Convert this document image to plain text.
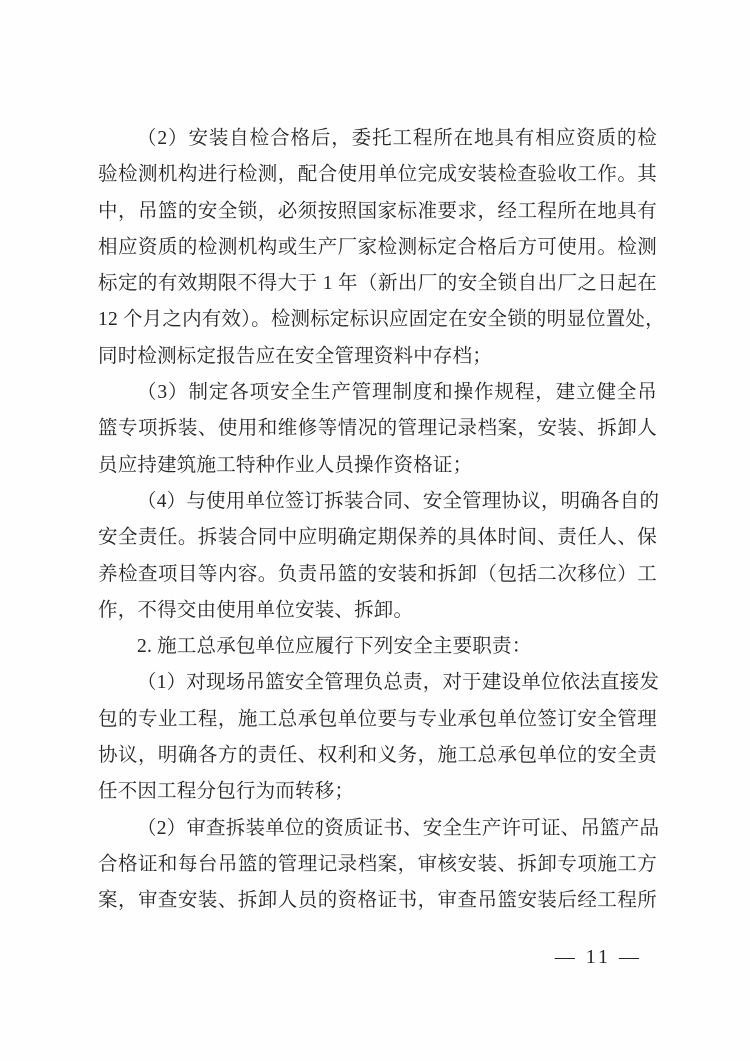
（2）安装自检合格后，委托工程所在地具有相应资质的检
验检测机构进行检测，配合使用单位完成安装检查验收工作。其
中，吊篮的安全锁，必须按照国家标准要求，经工程所在地具有
相应资质的检测机构或生产厂家检测标定合格后方可使用。检测
标定的有效期限不得大于 1 年（新出厂的安全锁自出厂之日起在
12 个月之内有效）。检测标定标识应固定在安全锁的明显位置处，
同时检测标定报告应在安全管理资料中存档；
（3）制定各项安全生产管理制度和操作规程，建立健全吊
篮专项拆装、使用和维修等情况的管理记录档案，安装、拆卸人
员应持建筑施工特种作业人员操作资格证；
（4）与使用单位签订拆装合同、安全管理协议，明确各自的
安全责任。拆装合同中应明确定期保养的具体时间、责任人、保
养检查项目等内容。负责吊篮的安装和拆卸（包括二次移位）工
作，不得交由使用单位安装、拆卸。
2. 施工总承包单位应履行下列安全主要职责：
（1）对现场吊篮安全管理负总责，对于建设单位依法直接发
包的专业工程，施工总承包单位要与专业承包单位签订安全管理
协议，明确各方的责任、权利和义务，施工总承包单位的安全责
任不因工程分包行为而转移；
（2）审查拆装单位的资质证书、安全生产许可证、吊篮产品
合格证和每台吊篮的管理记录档案，审核安装、拆卸专项施工方
案，审查安装、拆卸人员的资格证书，审查吊篮安装后经工程所
— 11 —
